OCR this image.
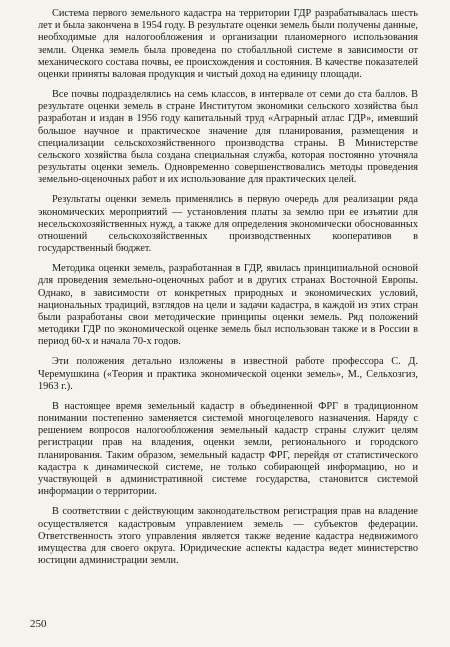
Система первого земельного кадастра на территории ГДР разрабатывалась шесть лет и была закончена в 1954 году. В результате оценки земель были получены данные, необходимые для налогообложения и организации планомерного использования земли. Оценка земель была проведена по стобалльной системе в зависимости от механического состава почвы, ее происхождения и состояния. В качестве показателей оценки приняты валовая продукция и чистый доход на единицу площади.

Все почвы подразделялись на семь классов, в интервале от семи до ста баллов. В результате оценки земель в стране Институтом экономики сельского хозяйства был разработан и издан в 1956 году капитальный труд «Аграрный атлас ГДР», имевший большое научное и практическое значение для планирования, размещения и специализации сельскохозяйственного производства страны. В Министерстве сельского хозяйства была создана специальная служба, которая постоянно уточняла результаты оценки земель. Одновременно совершенствовались методы проведения земельно-оценочных работ и их использование для практических целей.

Результаты оценки земель применялись в первую очередь для реализации ряда экономических мероприятий — установления платы за землю при ее изъятии для несельскохозяйственных нужд, а также для определения экономически обоснованных отношений сельскохозяйственных производственных кооперативов в государственный бюджет.

Методика оценки земель, разработанная в ГДР, явилась принципиальной основой для проведения земельно-оценочных работ и в других странах Восточной Европы. Однако, в зависимости от конкретных природных и экономических условий, национальных традиций, взглядов на цели и задачи кадастра, в каждой из этих стран были разработаны свои методические принципы оценки земель. Ряд положений методики ГДР по экономической оценке земель был использован также и в России в период 60-х и начала 70-х годов.

Эти положения детально изложены в известной работе профессора С. Д. Черемушкина («Теория и практика экономической оценки земель», М., Сельхозгиз, 1963 г.).

В настоящее время земельный кадастр в объединенной ФРГ в традиционном понимании постепенно заменяется системой многоцелевого назначения. Наряду с решением вопросов налогообложения земельный кадастр страны служит целям регистрации прав на владения, оценки земли, регионального и городского планирования. Таким образом, земельный кадастр ФРГ, перейдя от статистического кадастра к динамической системе, не только собирающей информацию, но и участвующей в административной системе государства, становится системой информации о территории.

В соответствии с действующим законодательством регистрация прав на владение осуществляется кадастровым управлением земель — субъектов федерации. Ответственность этого управления является также ведение кадастра недвижимого имущества для своего округа. Юридические аспекты кадастра ведет министерство юстиции администрации земли.

250
